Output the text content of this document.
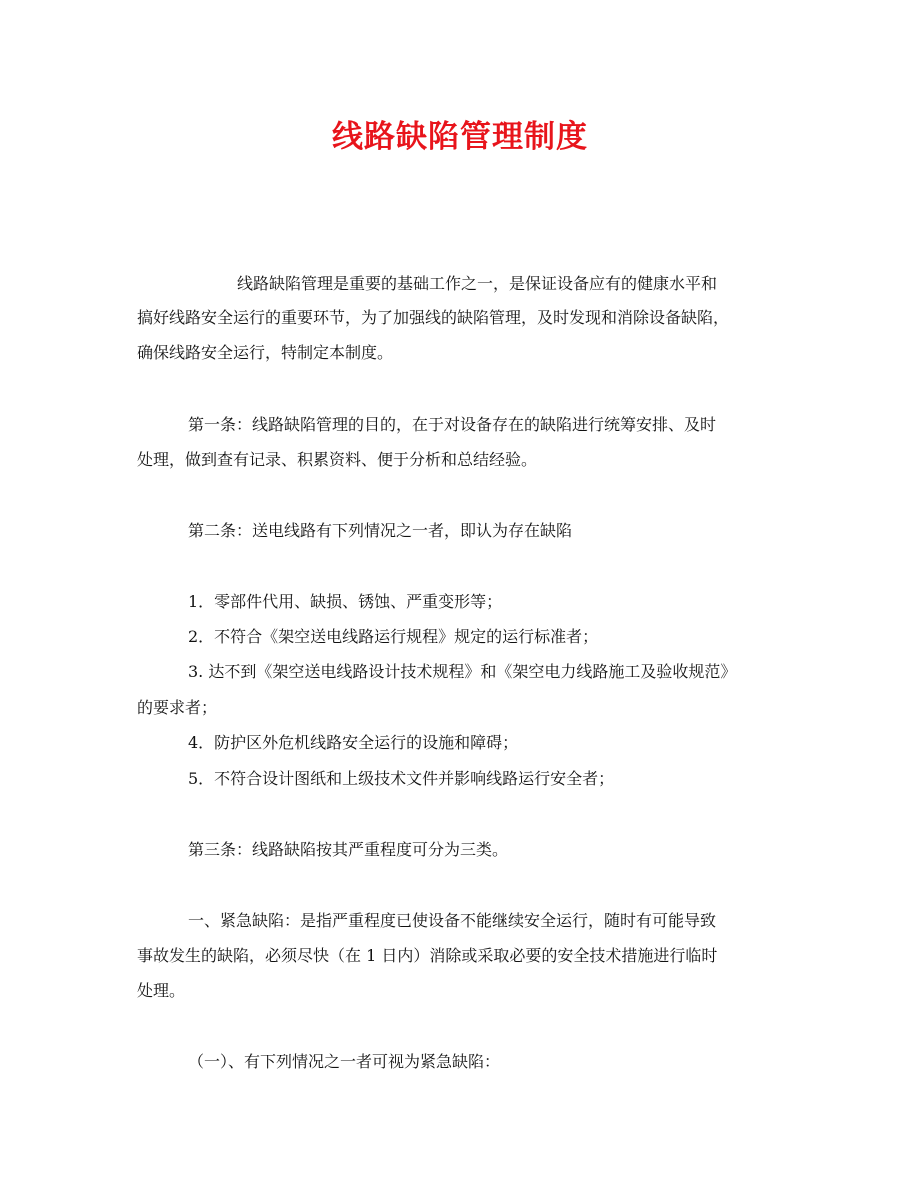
线路缺陷管理制度

线路缺陷管理是重要的基础工作之一，是保证设备应有的健康水平和

搞好线路安全运行的重要环节，为了加强线的缺陷管理，及时发现和消除设备缺陷，

确保线路安全运行，特制定本制度。

第一条：线路缺陷管理的目的，在于对设备存在的缺陷进行统筹安排、及时

处理，做到查有记录、积累资料、便于分析和总结经验。

第二条：送电线路有下列情况之一者，即认为存在缺陷

1．零部件代用、缺损、锈蚀、严重变形等；

2．不符合《架空送电线路运行规程》规定的运行标准者；

3. 达不到《架空送电线路设计技术规程》和《架空电力线路施工及验收规范》

的要求者；

4．防护区外危机线路安全运行的设施和障碍；

5．不符合设计图纸和上级技术文件并影响线路运行安全者；

第三条：线路缺陷按其严重程度可分为三类。

一、紧急缺陷：是指严重程度已使设备不能继续安全运行，随时有可能导致

事故发生的缺陷，必须尽快（在 1 日内）消除或采取必要的安全技术措施进行临时

处理。

（一）、有下列情况之一者可视为紧急缺陷：
